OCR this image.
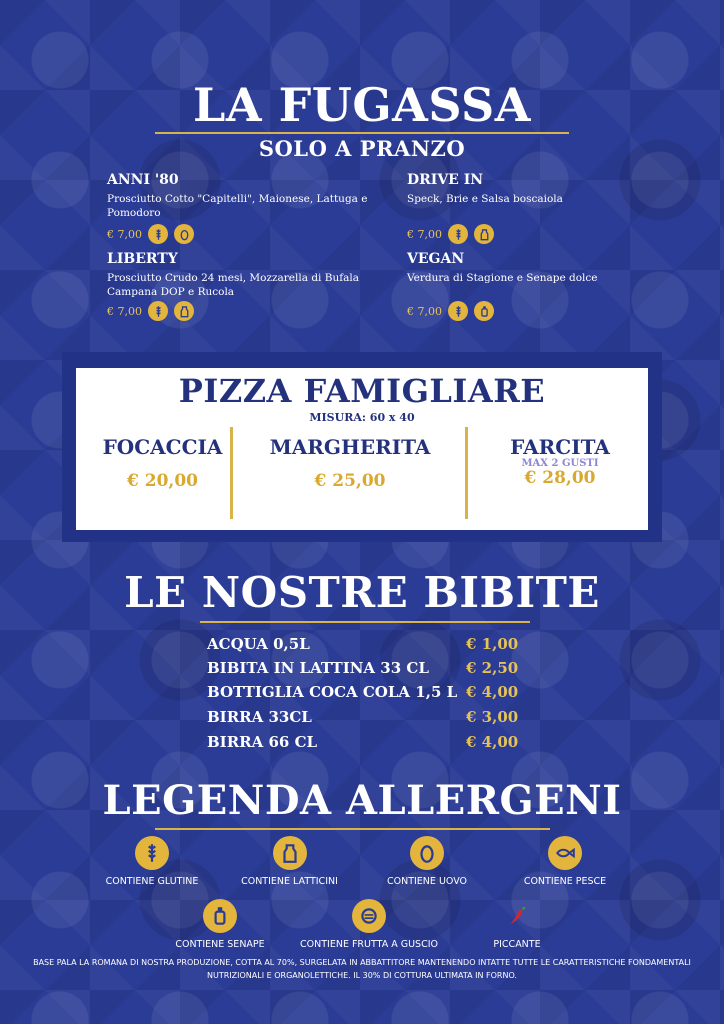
LA FUGASSA
SOLO A PRANZO
ANNI '80
Prosciutto Cotto "Capitelli", Maionese, Lattuga e Pomodoro
€ 7,00
DRIVE IN
Speck, Brie e Salsa boscaiola
€ 7,00
LIBERTY
Prosciutto Crudo 24 mesi, Mozzarella di Bufala Campana DOP e Rucola
€ 7,00
VEGAN
Verdura di Stagione e Senape dolce
€ 7,00
PIZZA FAMIGLIARE
MISURA: 60 x 40
FOCACCIA
€ 20,00
MARGHERITA
€ 25,00
FARCITA
MAX 2 GUSTI
€ 28,00
LE NOSTRE BIBITE
ACQUA 0,5L	€ 1,00
BIBITA IN LATTINA 33 CL € 2,50
BOTTIGLIA COCA COLA 1,5 L € 4,00
BIRRA 33CL	€ 3,00
BIRRA 66 CL	€ 4,00
LEGENDA ALLERGENI
CONTIENE GLUTINE	CONTIENE LATTICINI	CONTIENE UOVO	CONTIENE PESCE
CONTIENE SENAPE	CONTIENE FRUTTA A GUSCIO	PICCANTE
BASE PALA LA ROMANA DI NOSTRA PRODUZIONE, COTTA AL 70%, SURGELATA IN ABBATTITORE MANTENENDO INTATTE TUTTE LE CARATTERISTICHE FONDAMENTALI NUTRIZIONALI E ORGANOLETTICHE. IL 30% DI COTTURA ULTIMATA IN FORNO.
